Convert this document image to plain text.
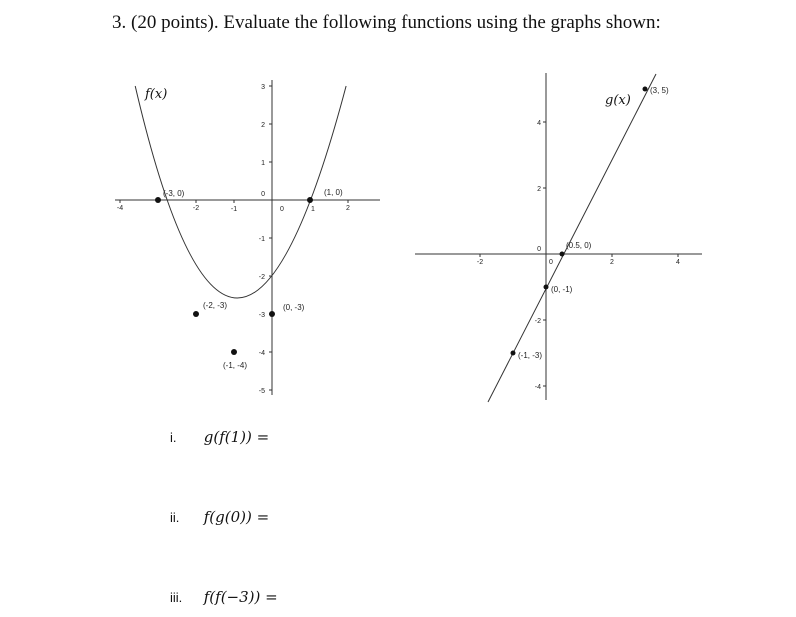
3. (20 points). Evaluate the following functions using the graphs shown:
-4	-2	-1	0	2
1
3
2
1
0
-1
-2
-3
-4
-5
f(x)
(-3, 0)	(1, 0)
(-2, -3)	(0, -3)
(-1, -4)
-2	0	2	4
4
2
0
-2
-4
g(x)
(3, 5)
(0.5, 0)
(0, -1)
(-1, -3)
i. g(f(1)) =
ii. f(g(0)) =
iii. f(f(−3)) =
